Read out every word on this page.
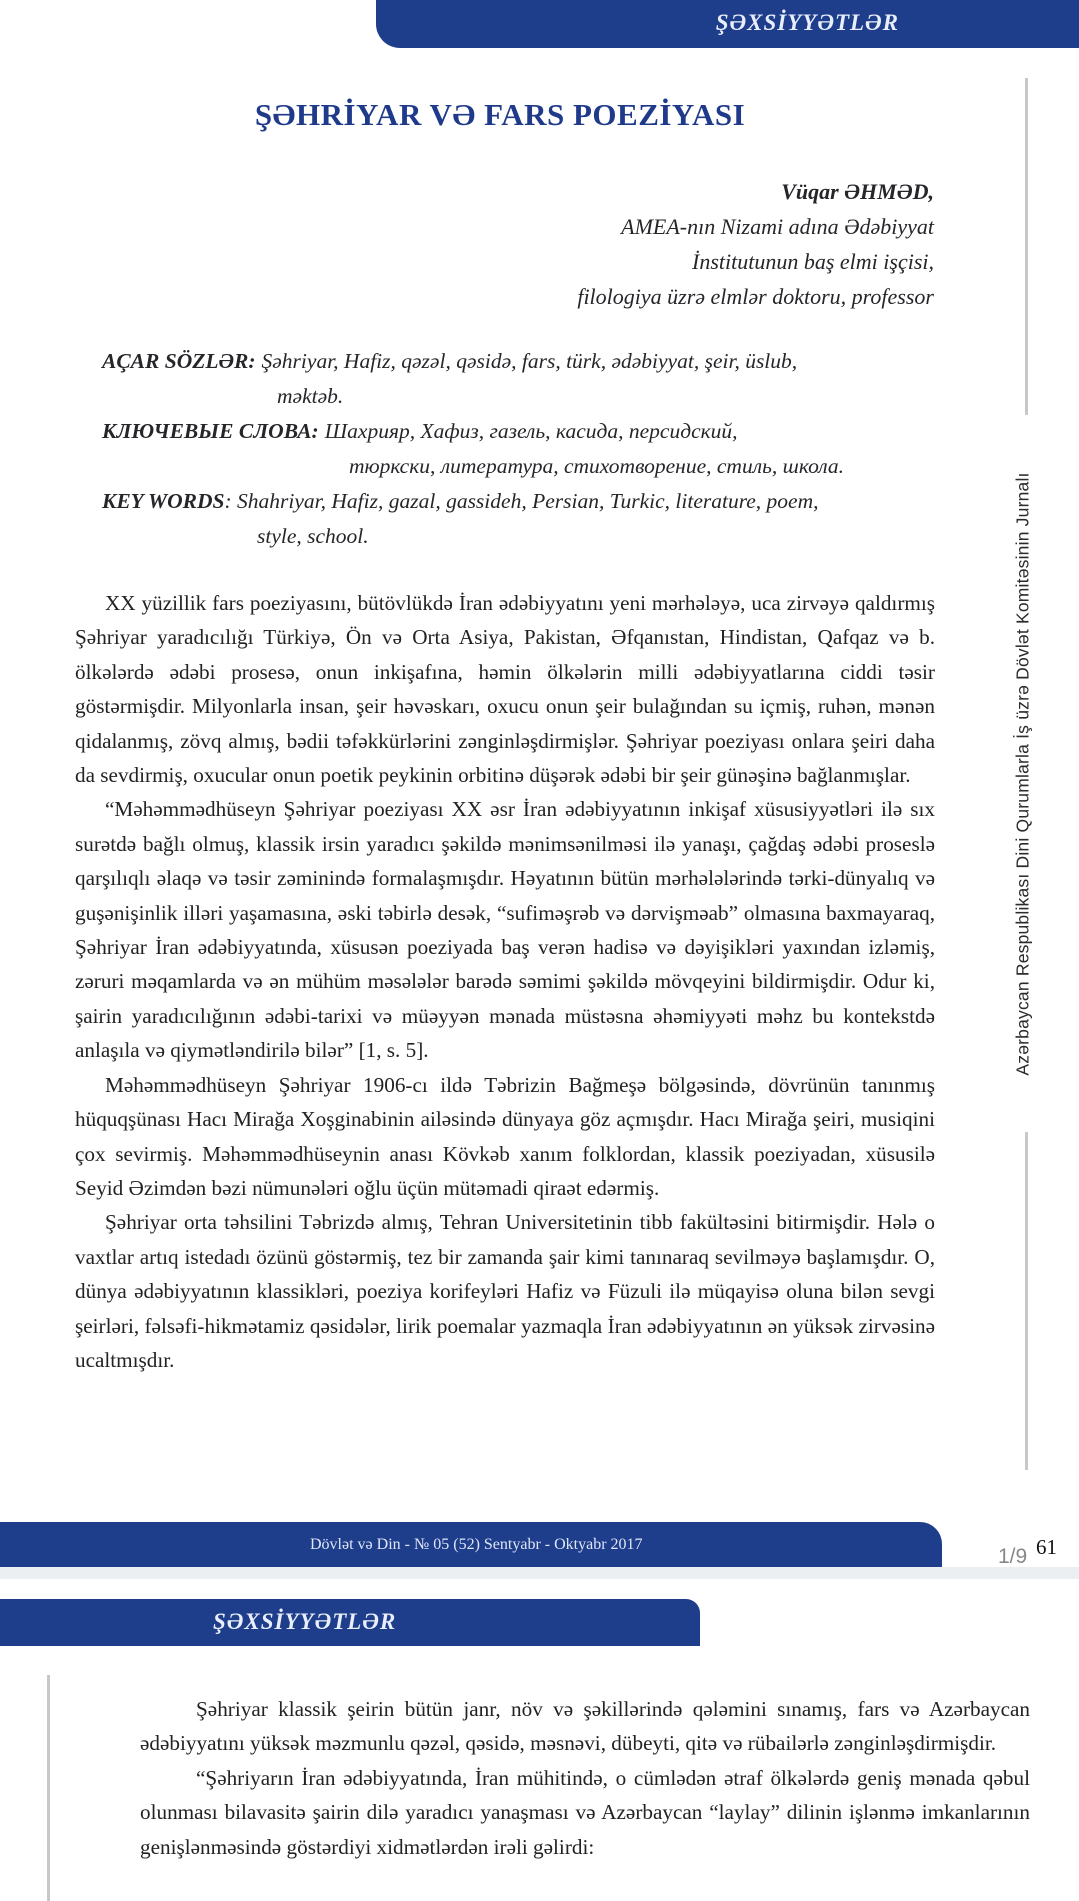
ŞƏXSİYYƏTLƏR
Azərbaycan Respublikası Dini Qurumlarla İş üzrə Dövlət Komitəsinin Jurnalı
ŞƏHRİYAR VƏ FARS POEZİYASI
Vüqar ƏHMƏD,
AMEA-nın Nizami adına Ədəbiyyat
İnstitutunun baş elmi işçisi,
filologiya üzrə elmlər doktoru, professor
AÇAR SÖZLƏR: Şəhriyar, Hafiz, qəzəl, qəsidə, fars, türk, ədəbiyyat, şeir, üslub,
məktəb.
КЛЮЧЕВЫЕ СЛОВА: Шахрияр, Хафиз, газель, касида, персидский,
тюркски, литература, стихотворение, стиль, школа.
KEY WORDS: Shahriyar, Hafiz, gazal, gassideh, Persian, Turkic, literature, poem,
style, school.

XX yüzillik fars poeziyasını, bütövlükdə İran ədəbiyyatını yeni mərhələyə, uca zirvəyə qaldırmış Şəhriyar yaradıcılığı Türkiyə, Ön və Orta Asiya, Pakistan, Əfqanıstan, Hindistan, Qafqaz və b. ölkələrdə ədəbi prosesə, onun inkişafına, həmin ölkələrin milli ədəbiyyatlarına ciddi təsir göstərmişdir. Milyonlarla insan, şeir həvəskarı, oxucu onun şeir bulağından su içmiş, ruhən, mənən qidalanmış, zövq almış, bədii təfəkkürlərini zənginləşdirmişlər. Şəhriyar poeziyası onlara şeiri daha da sevdirmiş, oxucular onun poetik peykinin orbitinə düşərək ədəbi bir şeir günəşinə bağlanmışlar.

“Məhəmmədhüseyn Şəhriyar poeziyası XX əsr İran ədəbiyyatının inkişaf xüsusiyyətləri ilə sıx surətdə bağlı olmuş, klassik irsin yaradıcı şəkildə mənimsənilməsi ilə yanaşı, çağdaş ədəbi proseslə qarşılıqlı əlaqə və təsir zəminində formalaşmışdır. Həyatının bütün mərhələlərində tərki-dünyalıq və guşənişinlik illəri yaşamasına, əski təbirlə desək, “sufiməşrəb və dərvişməab” olmasına baxmayaraq, Şəhriyar İran ədəbiyyatında, xüsusən poeziyada baş verən hadisə və dəyişikləri yaxından izləmiş, zəruri məqamlarda və ən mühüm məsələlər barədə səmimi şəkildə mövqeyini bildirmişdir. Odur ki, şairin yaradıcılığının ədəbi-tarixi və müəyyən mənada müstəsna əhəmiyyəti məhz bu kontekstdə anlaşıla və qiymətləndirilə bilər” [1, s. 5].

Məhəmmədhüseyn Şəhriyar 1906-cı ildə Təbrizin Bağmeşə bölgəsində, dövrünün tanınmış hüquqşünası Hacı Mirağa Xoşginabinin ailəsində dünyaya göz açmışdır. Hacı Mirağa şeiri, musiqini çox sevirmiş. Məhəmmədhüseynin anası Kövkəb xanım folklordan, klassik poeziyadan, xüsusilə Seyid Əzimdən bəzi nümunələri oğlu üçün mütəmadi qiraət edərmiş.

Şəhriyar orta təhsilini Təbrizdə almış, Tehran Universitetinin tibb fakültəsini bitirmişdir. Hələ o vaxtlar artıq istedadı özünü göstərmiş, tez bir zamanda şair kimi tanınaraq sevilməyə başlamışdır. O, dünya ədəbiyyatının klassikləri, poeziya korifeyləri Hafiz və Füzuli ilə müqayisə oluna bilən sevgi şeirləri, fəlsəfi-hikmətamiz qəsidələr, lirik poemalar yazmaqla İran ədəbiyyatının ən yüksək zirvəsinə ucaltmışdır.

Dövlət və Din - № 05 (52) Sentyabr - Oktyabr 2017
1/9 61
ŞƏXSİYYƏTLƏR

Şəhriyar klassik şeirin bütün janr, növ və şəkillərində qələmini sınamış, fars və Azərbaycan ədəbiyyatını yüksək məzmunlu qəzəl, qəsidə, məsnəvi, dübeyti, qitə və rübailərlə zənginləşdirmişdir.

“Şəhriyarın İran ədəbiyyatında, İran mühitində, o cümlədən ətraf ölkələrdə geniş mənada qəbul olunması bilavasitə şairin dilə yaradıcı yanaşması və Azərbaycan “laylay” dilinin işlənmə imkanlarının genişlənməsində göstərdiyi xidmətlərdən irəli gəlirdi:
